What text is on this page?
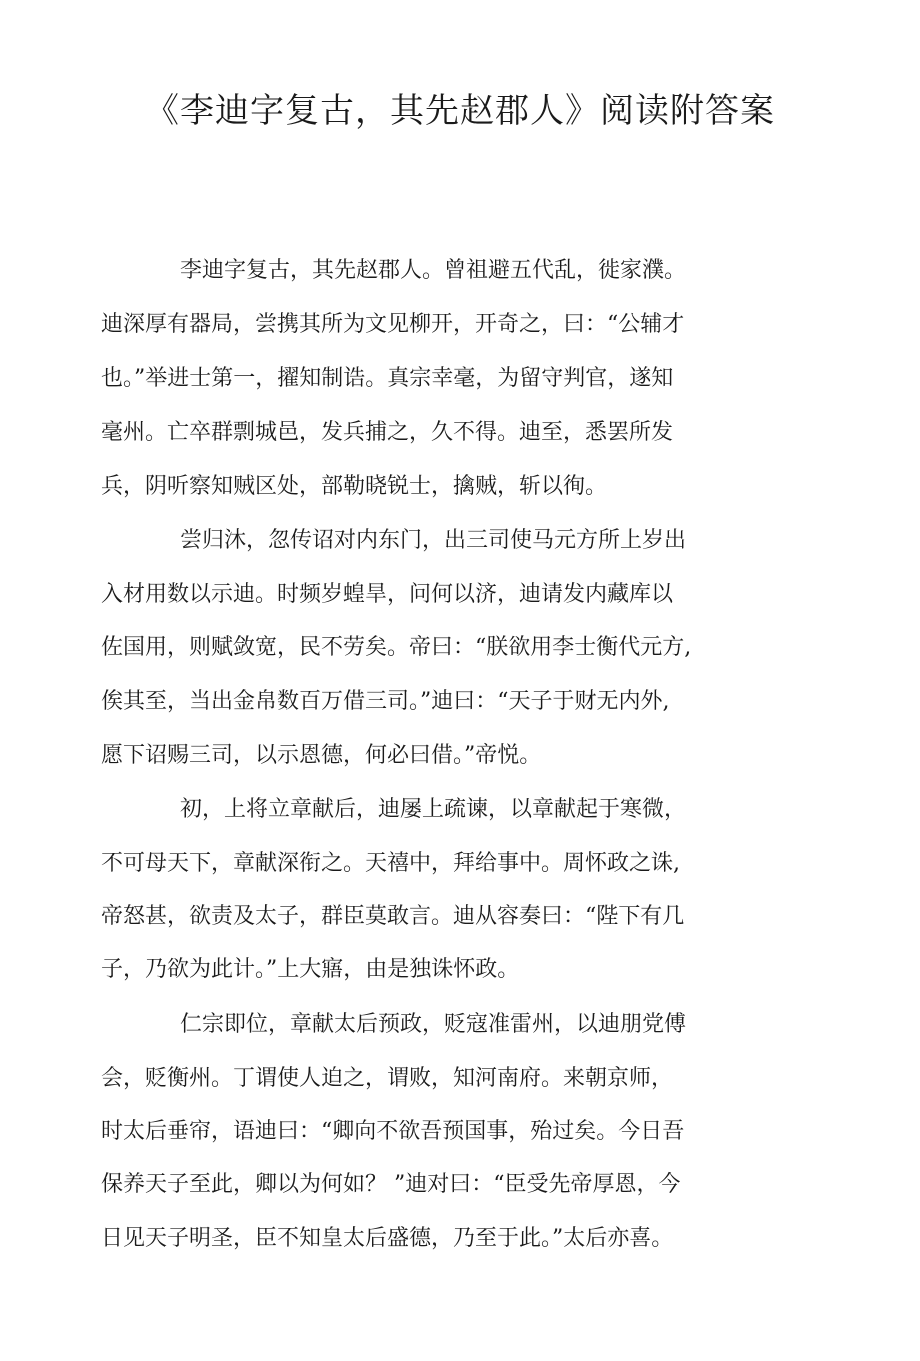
《李迪字复古，其先赵郡人》阅读附答案
李迪字复古，其先赵郡人。曾祖避五代乱，徙家濮。
迪深厚有器局，尝携其所为文见柳开，开奇之，曰：“公辅才
也。”举进士第一，擢知制诰。真宗幸毫，为留守判官，遂知
毫州。亡卒群剽城邑，发兵捕之，久不得。迪至，悉罢所发
兵，阴听察知贼区处，部勒晓锐士，擒贼，斩以徇。
尝归沐，忽传诏对内东门，出三司使马元方所上岁出
入材用数以示迪。时频岁蝗旱，问何以济，迪请发内藏库以
佐国用，则赋敛宽，民不劳矣。帝曰：“朕欲用李士衡代元方,
俟其至，当出金帛数百万借三司。”迪曰：“天子于财无内外,
愿下诏赐三司，以示恩德，何必曰借。”帝悦。
初，上将立章献后，迪屡上疏谏，以章献起于寒微，
不可母天下，章献深衔之。天禧中，拜给事中。周怀政之诛,
帝怒甚，欲责及太子，群臣莫敢言。迪从容奏曰：“陛下有几
子，乃欲为此计。”上大寤，由是独诛怀政。
仁宗即位，章献太后预政，贬寇准雷州，以迪朋党傅
会，贬衡州。丁谓使人迫之，谓败，知河南府。来朝京师，
时太后垂帘，语迪曰：“卿向不欲吾预国事，殆过矣。今日吾
保养天子至此，卿以为何如？ ”迪对曰：“臣受先帝厚恩，今
日见天子明圣，臣不知皇太后盛德，乃至于此。”太后亦喜。
